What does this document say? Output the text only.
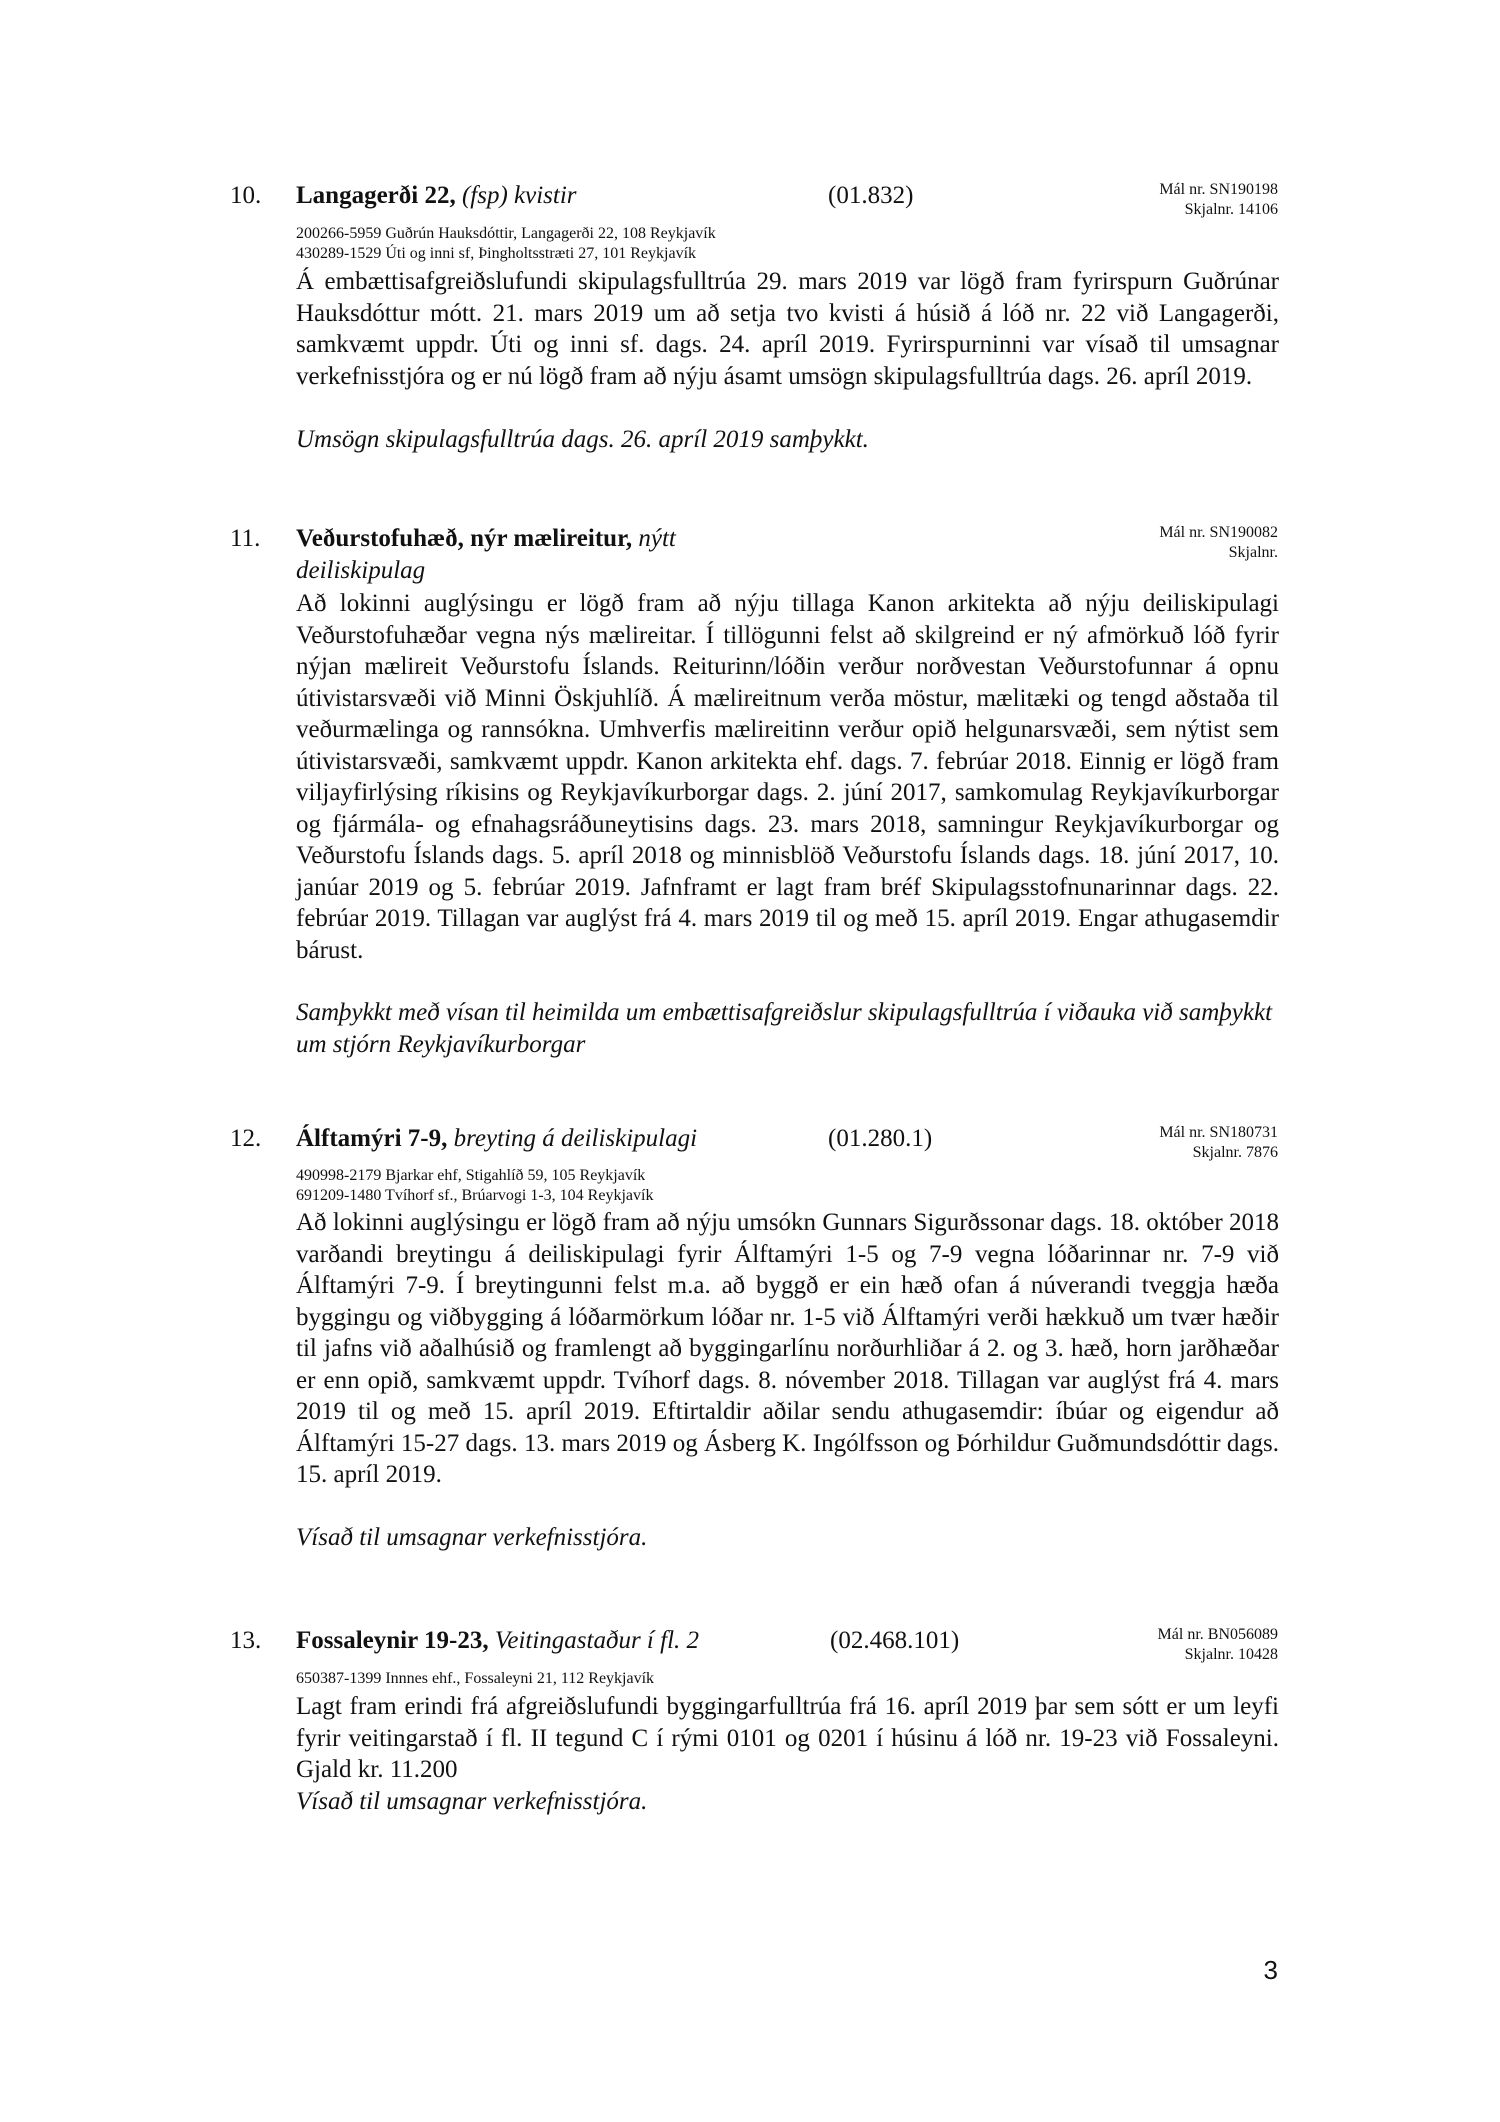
10. Langagerði 22, (fsp) kvistir	(01.832)	Mál nr. SN190198
Skjalnr. 14106
200266-5959 Guðrún Hauksdóttir, Langagerði 22, 108 Reykjavík
430289-1529 Úti og inni sf, Þingholtsstræti 27, 101 Reykjavík

Á embættisafgreiðslufundi skipulagsfulltrúa 29. mars 2019 var lögð fram fyrirspurn Guðrúnar Hauksdóttur mótt. 21. mars 2019 um að setja tvo kvisti á húsið á lóð nr. 22 við Langagerði, samkvæmt uppdr. Úti og inni sf. dags. 24. apríl 2019. Fyrirspurninni var vísað til umsagnar verkefnisstjóra og er nú lögð fram að nýju ásamt umsögn skipulagsfulltrúa dags. 26. apríl 2019.

Umsögn skipulagsfulltrúa dags. 26. apríl 2019 samþykkt.
11. Veðurstofuhæð, nýr mælireitur, nýtt
deiliskipulag
Mál nr. SN190082
Skjalnr.

Að lokinni auglýsingu er lögð fram að nýju tillaga Kanon arkitekta að nýju deiliskipulagi Veðurstofuhæðar vegna nýs mælireitar. Í tillögunni felst að skilgreind er ný afmörkuð lóð fyrir nýjan mælireit Veðurstofu Íslands. Reiturinn/lóðin verður norðvestan Veðurstofunnar á opnu útivistarsvæði við Minni Öskjuhlíð. Á mælireitnum verða möstur, mælitæki og tengd aðstaða til veðurmælinga og rannsókna. Umhverfis mælireitinn verður opið helgunarsvæði, sem nýtist sem útivistarsvæði, samkvæmt uppdr. Kanon arkitekta ehf. dags. 7. febrúar 2018. Einnig er lögð fram viljayfirlýsing ríkisins og Reykjavíkurborgar dags. 2. júní 2017, samkomulag Reykjavíkurborgar og fjármála- og efnahagsráðuneytisins dags. 23. mars 2018, samningur Reykjavíkurborgar og Veðurstofu Íslands dags. 5. apríl 2018 og minnisblöð Veðurstofu Íslands dags. 18. júní 2017, 10. janúar 2019 og 5. febrúar 2019. Jafnframt er lagt fram bréf Skipulagsstofnunarinnar dags. 22. febrúar 2019. Tillagan var auglýst frá 4. mars 2019 til og með 15. apríl 2019. Engar athugasemdir bárust.

Samþykkt með vísan til heimilda um embættisafgreiðslur skipulagsfulltrúa í viðauka við samþykkt um stjórn Reykjavíkurborgar
12. Álftamýri 7-9, breyting á deiliskipulagi	(01.280.1)	Mál nr. SN180731
Skjalnr. 7876
490998-2179 Bjarkar ehf, Stigahlíð 59, 105 Reykjavík
691209-1480 Tvíhorf sf., Brúarvogi 1-3, 104 Reykjavík

Að lokinni auglýsingu er lögð fram að nýju umsókn Gunnars Sigurðssonar dags. 18. október 2018 varðandi breytingu á deiliskipulagi fyrir Álftamýri 1-5 og 7-9 vegna lóðarinnar nr. 7-9 við Álftamýri 7-9. Í breytingunni felst m.a. að byggð er ein hæð ofan á núverandi tveggja hæða byggingu og viðbygging á lóðarmörkum lóðar nr. 1-5 við Álftamýri verði hækkuð um tvær hæðir til jafns við aðalhúsið og framlengt að byggingarlínu norðurhliðar á 2. og 3. hæð, horn jarðhæðar er enn opið, samkvæmt uppdr. Tvíhorf dags. 8. nóvember 2018. Tillagan var auglýst frá 4. mars 2019 til og með 15. apríl 2019. Eftirtaldir aðilar sendu athugasemdir: íbúar og eigendur að Álftamýri 15-27 dags. 13. mars 2019 og Ásberg K. Ingólfsson og Þórhildur Guðmundsdóttir dags. 15. apríl 2019.

Vísað til umsagnar verkefnisstjóra.
13. Fossaleynir 19-23, Veitingastaður í fl. 2	(02.468.101)	Mál nr. BN056089
Skjalnr. 10428
650387-1399 Innnes ehf., Fossaleyni 21, 112 Reykjavík

Lagt fram erindi frá afgreiðslufundi byggingarfulltrúa frá 16. apríl 2019 þar sem sótt er um leyfi fyrir veitingarstað í fl. II tegund C í rými 0101 og 0201 í húsinu á lóð nr. 19-23 við Fossaleyni. Gjald kr. 11.200

Vísað til umsagnar verkefnisstjóra.
3
